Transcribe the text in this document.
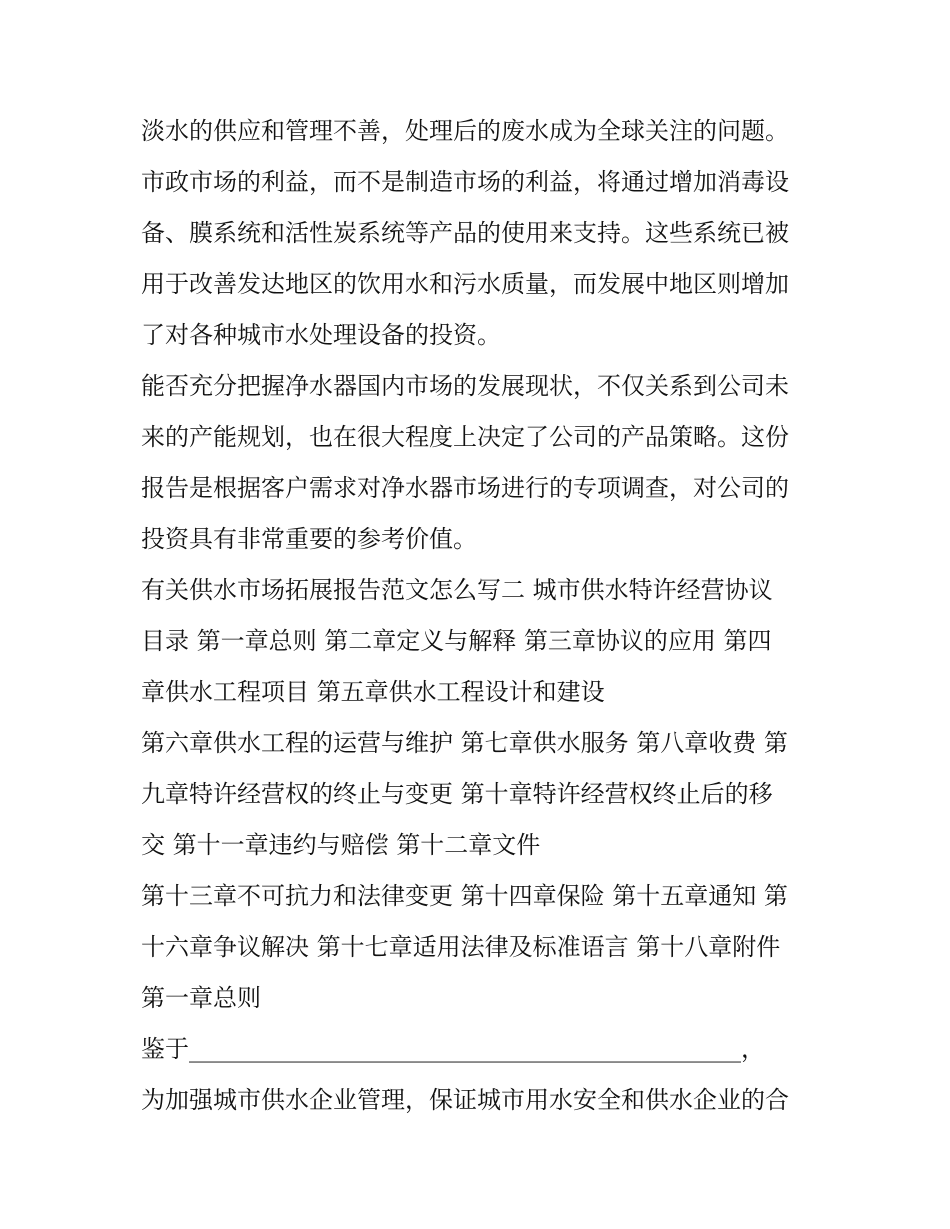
淡水的供应和管理不善，处理后的废水成为全球关注的问题。
市政市场的利益，而不是制造市场的利益，将通过增加消毒设
备、膜系统和活性炭系统等产品的使用来支持。这些系统已被
用于改善发达地区的饮用水和污水质量，而发展中地区则增加
了对各种城市水处理设备的投资。
能否充分把握净水器国内市场的发展现状，不仅关系到公司未
来的产能规划，也在很大程度上决定了公司的产品策略。这份
报告是根据客户需求对净水器市场进行的专项调查，对公司的
投资具有非常重要的参考价值。
有关供水市场拓展报告范文怎么写二 城市供水特许经营协议
目录 第一章总则 第二章定义与解释 第三章协议的应用 第四
章供水工程项目 第五章供水工程设计和建设
第六章供水工程的运营与维护 第七章供水服务 第八章收费 第
九章特许经营权的终止与变更 第十章特许经营权终止后的移
交 第十一章违约与赔偿 第十二章文件
第十三章不可抗力和法律变更 第十四章保险 第十五章通知 第
十六章争议解决 第十七章适用法律及标准语言 第十八章附件
第一章总则
鉴于______________________________________________，
为加强城市供水企业管理，保证城市用水安全和供水企业的合
